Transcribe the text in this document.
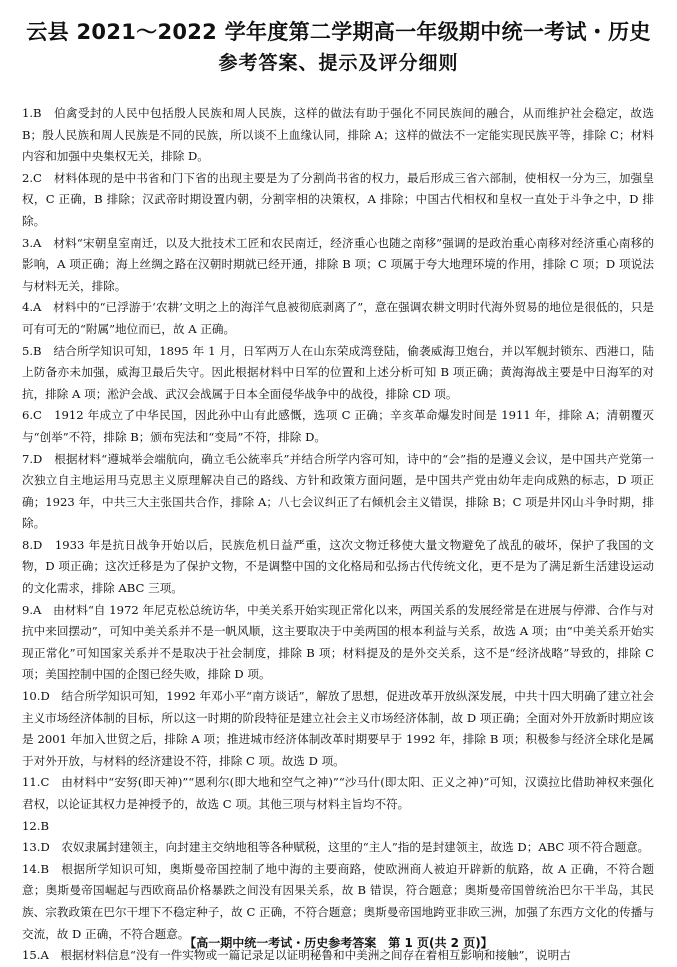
云县 2021～2022 学年度第二学期高一年级期中统一考试・历史
参考答案、提示及评分细则

1.B　伯禽受封的人民中包括殷人民族和周人民族，这样的做法有助于强化不同民族间的融合，从而维护社会稳定，故选 B；殷人民族和周人民族是不同的民族，所以谈不上血缘认同，排除 A；这样的做法不一定能实现民族平等，排除 C；材料内容和加强中央集权无关，排除 D。

2.C　材料体现的是中书省和门下省的出现主要是为了分割尚书省的权力，最后形成三省六部制，使相权一分为三，加强皇权，C 正确，B 排除；汉武帝时期设置内朝，分割宰相的决策权，A 排除；中国古代相权和皇权一直处于斗争之中，D 排除。

3.A　材料“宋朝皇室南迁，以及大批技术工匠和农民南迁，经济重心也随之南移”强调的是政治重心南移对经济重心南移的影响，A 项正确；海上丝绸之路在汉朝时期就已经开通，排除 B 项；C 项属于夸大地理环境的作用，排除 C 项；D 项说法与材料无关，排除。

4.A　材料中的“已浮游于‘农耕’文明之上的海洋气息被彻底剥离了”，意在强调农耕文明时代海外贸易的地位是很低的，只是可有可无的“附属”地位而已，故 A 正确。

5.B　结合所学知识可知，1895 年 1 月，日军两万人在山东荣成湾登陆，偷袭威海卫炮台，并以军舰封锁东、西港口，陆上防备亦未加强，威海卫最后失守。因此根据材料中日军的位置和上述分析可知 B 项正确；黄海海战主要是中日海军的对抗，排除 A 项；淞沪会战、武汉会战属于日本全面侵华战争中的战役，排除 CD 项。

6.C　1912 年成立了中华民国，因此孙中山有此感慨，选项 C 正确；辛亥革命爆发时间是 1911 年，排除 A；清朝覆灭与“创举”不符，排除 B；颁布宪法和“变局”不符，排除 D。

7.D　根据材料“遵城举会端航向，确立毛公統率兵”并结合所学内容可知，诗中的“会”指的是遵义会议，是中国共产党第一次独立自主地运用马克思主义原理解决自己的路线、方针和政策方面问题，是中国共产党由幼年走向成熟的标志，D 项正确；1923 年，中共三大主张国共合作，排除 A；八七会议纠正了右倾机会主义错误，排除 B；C 项是井冈山斗争时期，排除。

8.D　1933 年是抗日战争开始以后，民族危机日益严重，这次文物迁移使大量文物避免了战乱的破坏，保护了我国的文物，D 项正确；这次迁移是为了保护文物，不是调整中国的文化格局和弘扬古代传统文化，更不是为了满足新生活建设运动的文化需求，排除 ABC 三项。

9.A　由材料“自 1972 年尼克松总统访华，中美关系开始实现正常化以来，两国关系的发展经常是在进展与停滞、合作与对抗中来回摆动”，可知中美关系并不是一帆风顺，这主要取决于中美两国的根本利益与关系，故选 A 项；由“中美关系开始实现正常化”可知国家关系并不是取决于社会制度，排除 B 项；材料提及的是外交关系，这不是“经济战略”导致的，排除 C 项；美国控制中国的企图已经失败，排除 D 项。

10.D　结合所学知识可知，1992 年邓小平“南方谈话”，解放了思想，促进改革开放纵深发展，中共十四大明确了建立社会主义市场经济体制的目标，所以这一时期的阶段特征是建立社会主义市场经济体制，故 D 项正确；全面对外开放新时期应该是 2001 年加入世贸之后，排除 A 项；推进城市经济体制改革时期要早于 1992 年，排除 B 项；积极参与经济全球化是属于对外开放，与材料的经济建设不符，排除 C 项。故选 D 项。

11.C　由材料中“安努(即天神)”“恩利尔(即大地和空气之神)”“沙马什(即太阳、正义之神)”可知，汉谟拉比借助神权来强化君权，以论证其权力是神授予的，故选 C 项。其他三项与材料主旨均不符。

12.B

13.D　农奴隶属封建领主，向封建主交纳地租等各种赋税，这里的“主人”指的是封建领主，故选 D；ABC 项不符合题意。

14.B　根据所学知识可知，奥斯曼帝国控制了地中海的主要商路，使欧洲商人被迫开辟新的航路，故 A 正确，不符合题意；奥斯曼帝国崛起与西欧商品价格暴跌之间没有因果关系，故 B 错误，符合题意；奥斯曼帝国曾统治巴尔干半岛，其民族、宗教政策在巴尔干埋下不稳定种子，故 C 正确，不符合题意；奥斯曼帝国地跨亚非欧三洲，加强了东西方文化的传播与交流，故 D 正确，不符合题意。

15.A　根据材料信息“没有一件实物或一篇记录足以证明秘鲁和中美洲之间存在着相互影响和接触”，说明古

【高一期中统一考试・历史参考答案　第 1 页(共 2 页)】
